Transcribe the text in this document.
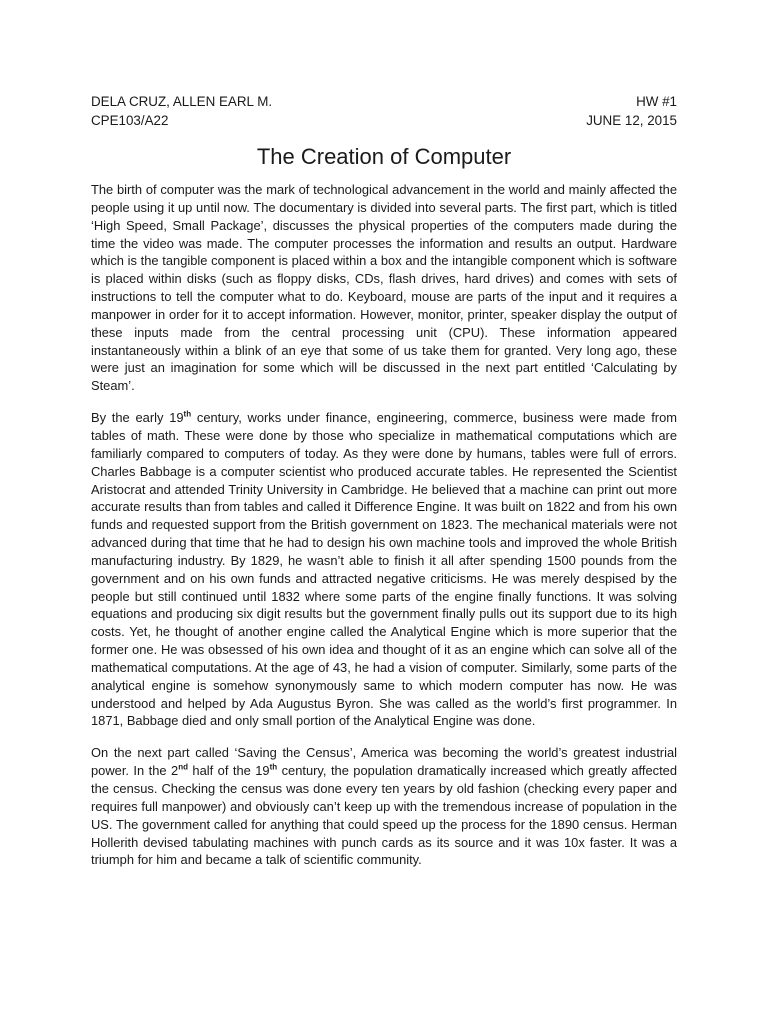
DELA CRUZ, ALLEN EARL M.	HW #1
CPE103/A22	JUNE 12, 2015
The Creation of Computer

The birth of computer was the mark of technological advancement in the world and mainly affected the people using it up until now. The documentary is divided into several parts. The first part, which is titled ‘High Speed, Small Package’, discusses the physical properties of the computers made during the time the video was made. The computer processes the information and results an output. Hardware which is the tangible component is placed within a box and the intangible component which is software is placed within disks (such as floppy disks, CDs, flash drives, hard drives) and comes with sets of instructions to tell the computer what to do. Keyboard, mouse are parts of the input and it requires a manpower in order for it to accept information. However, monitor, printer, speaker display the output of these inputs made from the central processing unit (CPU). These information appeared instantaneously within a blink of an eye that some of us take them for granted. Very long ago, these were just an imagination for some which will be discussed in the next part entitled ‘Calculating by Steam’.

By the early 19th century, works under finance, engineering, commerce, business were made from tables of math. These were done by those who specialize in mathematical computations which are familiarly compared to computers of today. As they were done by humans, tables were full of errors. Charles Babbage is a computer scientist who produced accurate tables. He represented the Scientist Aristocrat and attended Trinity University in Cambridge. He believed that a machine can print out more accurate results than from tables and called it Difference Engine. It was built on 1822 and from his own funds and requested support from the British government on 1823. The mechanical materials were not advanced during that time that he had to design his own machine tools and improved the whole British manufacturing industry. By 1829, he wasn’t able to finish it all after spending 1500 pounds from the government and on his own funds and attracted negative criticisms. He was merely despised by the people but still continued until 1832 where some parts of the engine finally functions. It was solving equations and producing six digit results but the government finally pulls out its support due to its high costs. Yet, he thought of another engine called the Analytical Engine which is more superior that the former one. He was obsessed of his own idea and thought of it as an engine which can solve all of the mathematical computations. At the age of 43, he had a vision of computer. Similarly, some parts of the analytical engine is somehow synonymously same to which modern computer has now. He was understood and helped by Ada Augustus Byron. She was called as the world’s first programmer. In 1871, Babbage died and only small portion of the Analytical Engine was done.

On the next part called ‘Saving the Census’, America was becoming the world’s greatest industrial power. In the 2nd half of the 19th century, the population dramatically increased which greatly affected the census. Checking the census was done every ten years by old fashion (checking every paper and requires full manpower) and obviously can’t keep up with the tremendous increase of population in the US. The government called for anything that could speed up the process for the 1890 census. Herman Hollerith devised tabulating machines with punch cards as its source and it was 10x faster. It was a triumph for him and became a talk of scientific community.
